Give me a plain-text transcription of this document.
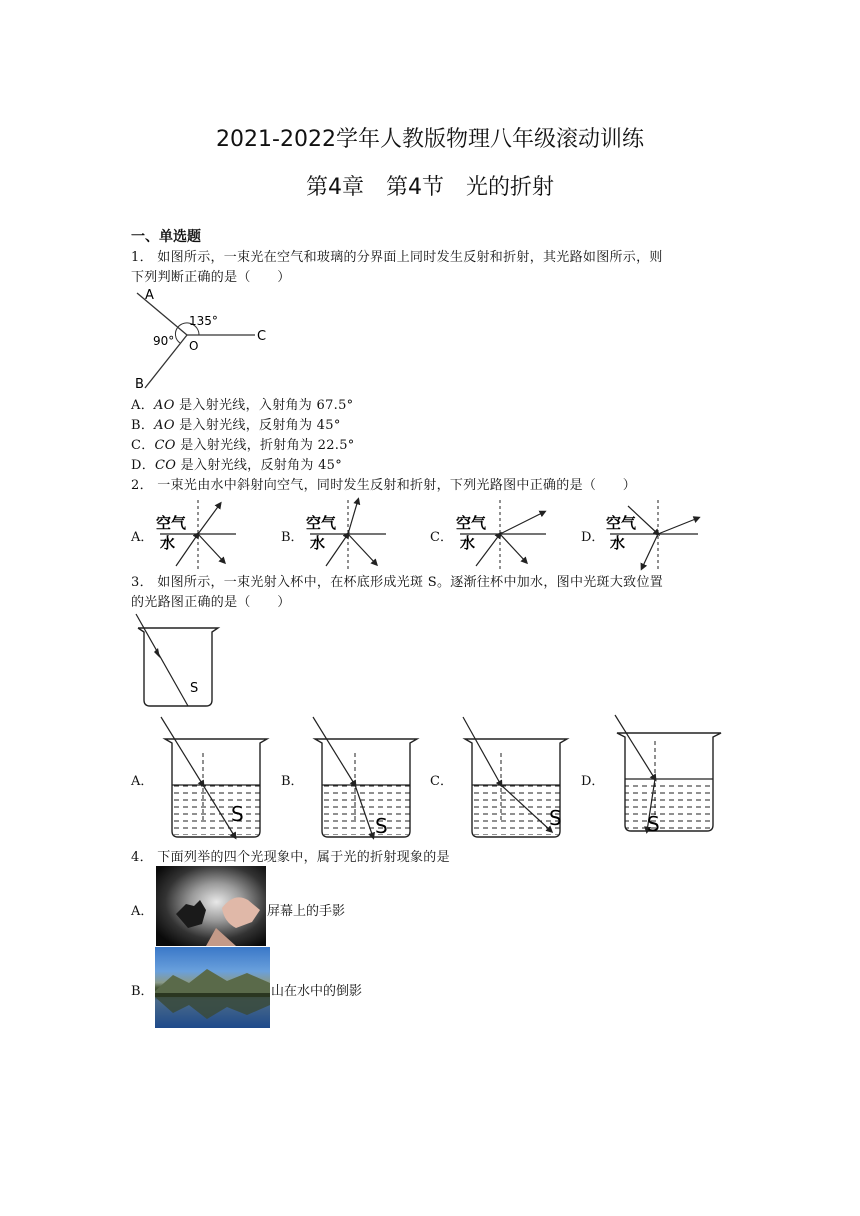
2021-2022学年人教版物理八年级滚动训练
第4章　第4节　光的折射
一、单选题
1． 如图所示，一束光在空气和玻璃的分界面上同时发生反射和折射，其光路如图所示，则
下列判断正确的是（　　）
A
B
C
O
135°
90°
A．AO 是入射光线，入射角为 67.5°
B．AO 是入射光线，反射角为 45°
C．CO 是入射光线，折射角为 22.5°
D．CO 是入射光线，反射角为 45°
2． 一束光由水中斜射向空气，同时发生反射和折射，下列光路图中正确的是（　　）
A．
空气
水	B．
空气
水	C．
空气
水	D．
空气
水
3． 如图所示，一束光射入杯中，在杯底形成光斑 S。逐渐往杯中加水，图中光斑大致位置
的光路图正确的是（　　）
S
A．
S
B．
S
C．
S
D．
S
4． 下面列举的四个光现象中，属于光的折射现象的是
A．	屏幕上的手影
B．	山在水中的倒影
